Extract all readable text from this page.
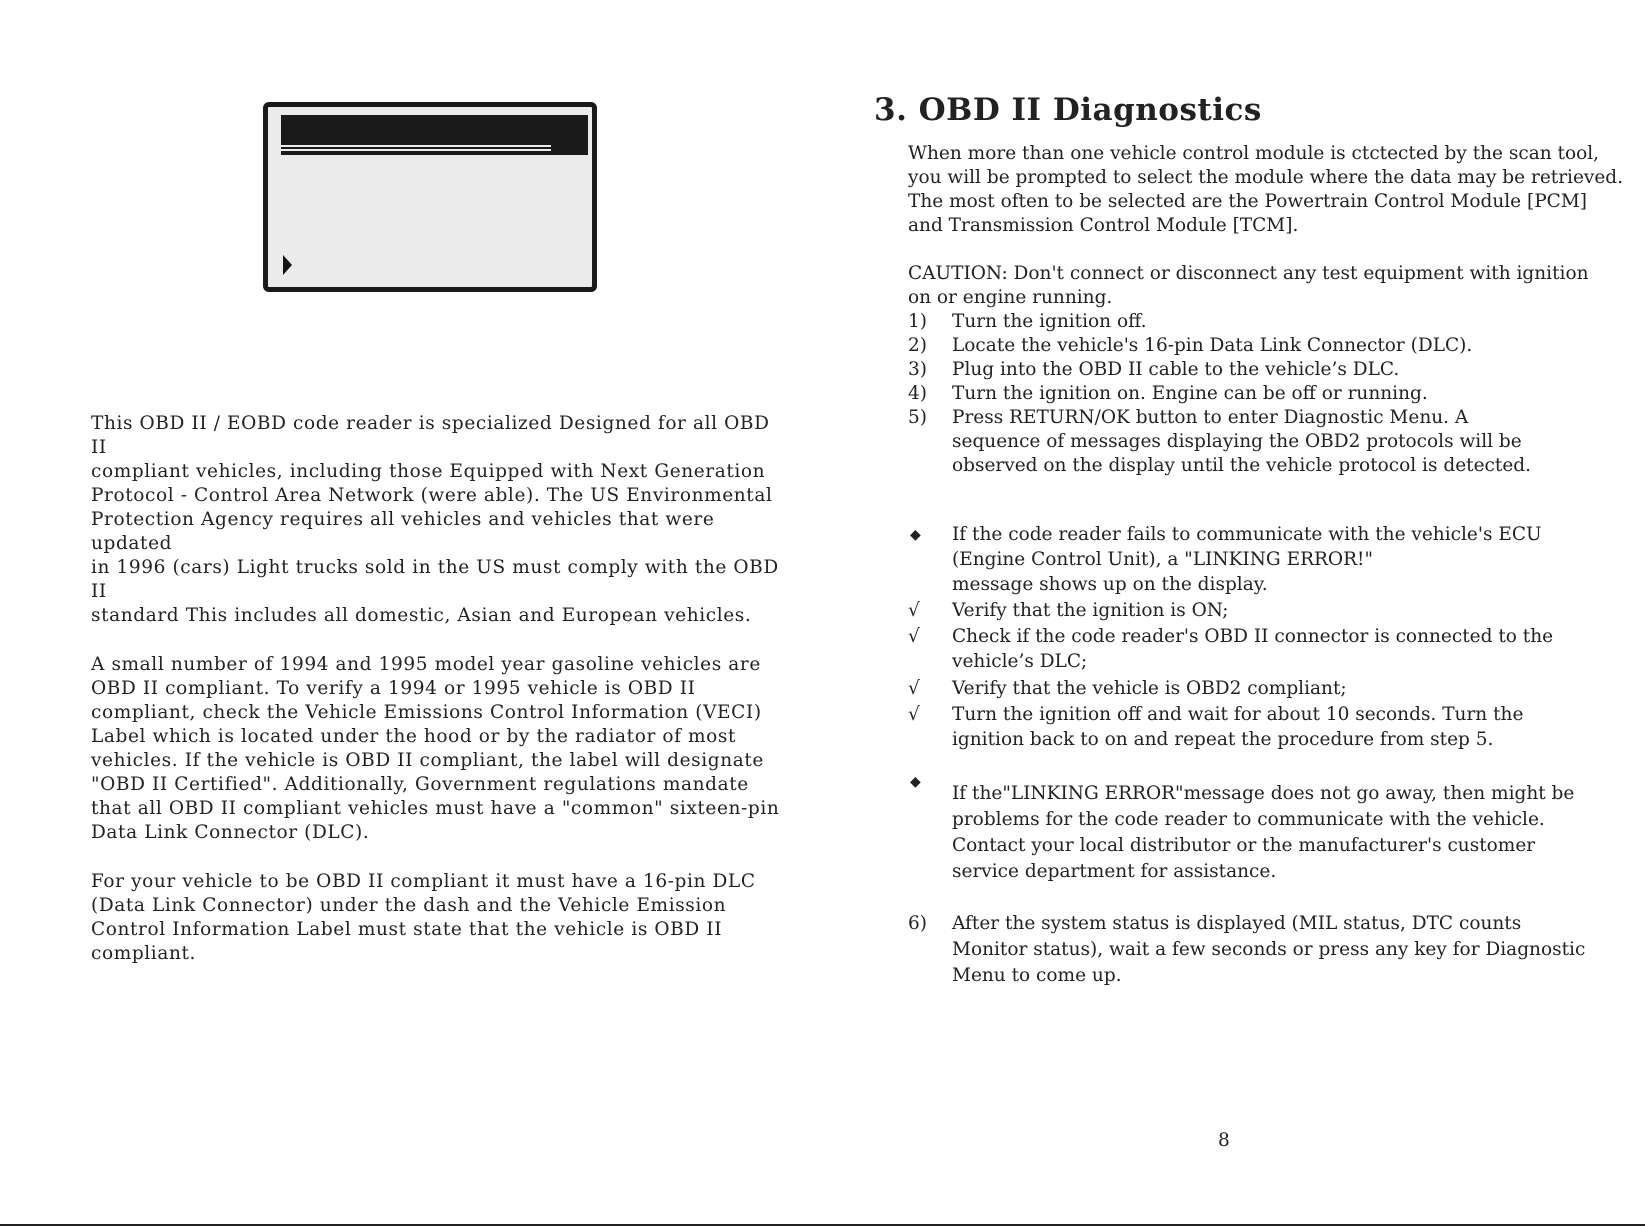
This OBD II / EOBD code reader is specialized Designed for all OBD II
compliant vehicles, including those Equipped with Next Generation
Protocol - Control Area Network (were able). The US Environmental
Protection Agency requires all vehicles and vehicles that were updated
in 1996 (cars) Light trucks sold in the US must comply with the OBD II
standard This includes all domestic, Asian and European vehicles.

A small number of 1994 and 1995 model year gasoline vehicles are
OBD II compliant. To verify a 1994 or 1995 vehicle is OBD II
compliant, check the Vehicle Emissions Control Information (VECI)
Label which is located under the hood or by the radiator of most
vehicles. If the vehicle is OBD II compliant, the label will designate
"OBD II Certified". Additionally, Government regulations mandate
that all OBD II compliant vehicles must have a "common" sixteen-pin
Data Link Connector (DLC).

For your vehicle to be OBD II compliant it must have a 16-pin DLC
(Data Link Connector) under the dash and the Vehicle Emission
Control Information Label must state that the vehicle is OBD II
compliant.

3. OBD II Diagnostics
When more than one vehicle control module is ctctected by the scan tool,
you will be prompted to select the module where the data may be retrieved.
The most often to be selected are the Powertrain Control Module [PCM]
and Transmission Control Module [TCM].
CAUTION: Don't connect or disconnect any test equipment with ignition
on or engine running.
1) Turn the ignition off.
2) Locate the vehicle's 16-pin Data Link Connector (DLC).
3) Plug into the OBD II cable to the vehicle’s DLC.
4) Turn the ignition on. Engine can be off or running.
5) Press RETURN/OK button to enter Diagnostic Menu. A
sequence of messages displaying the OBD2 protocols will be
observed on the display until the vehicle protocol is detected.
◆ If the code reader fails to communicate with the vehicle's ECU
(Engine Control Unit), a "LINKING ERROR!"
message shows up on the display.
√ Verify that the ignition is ON;
√ Check if the code reader's OBD II connector is connected to the
vehicle’s DLC;
√ Verify that the vehicle is OBD2 compliant;
√ Turn the ignition off and wait for about 10 seconds. Turn the
ignition back to on and repeat the procedure from step 5.
◆
If the"LINKING ERROR"message does not go away, then might be
problems for the code reader to communicate with the vehicle.
Contact your local distributor or the manufacturer's customer
service department for assistance.
6) After the system status is displayed (MIL status, DTC counts
Monitor status), wait a few seconds or press any key for Diagnostic
Menu to come up.
8
